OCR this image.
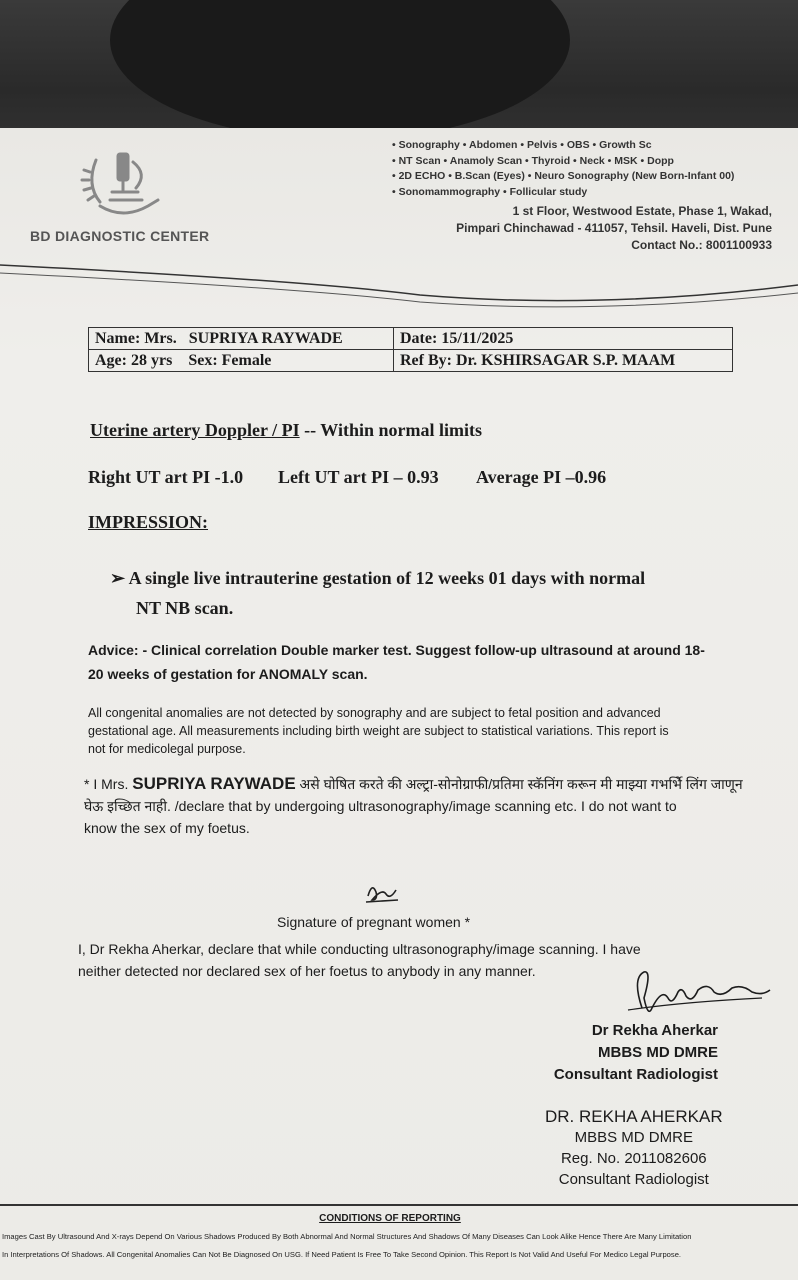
BD DIAGNOSTIC CENTER
• Sonography • Abdomen • Pelvis • OBS • Growth Sc
• NT Scan • Anamoly Scan • Thyroid • Neck • MSK • Dopp
• 2D ECHO • B.Scan (Eyes) • Neuro Sonography (New Born-Infant 00)
• Sonomammography • Follicular study
1 st Floor, Westwood Estate, Phase 1, Wakad,
Pimpari Chinchawad - 411057, Tehsil. Haveli, Dist. Pune
Contact No.: 8001100933
Name: Mrs. SUPRIYA RAYWADE	Date: 15/11/2025
Age: 28 yrs Sex: Female	Ref By: Dr. KSHIRSAGAR S.P. MAAM
Uterine artery Doppler / PI -- Within normal limits
Right UT art PI -1.0 Left UT art PI – 0.93 Average PI –0.96
IMPRESSION:
➢ A single live intrauterine gestation of 12 weeks 01 days with normal
NT NB scan.
Advice: - Clinical correlation Double marker test. Suggest follow-up ultrasound at around 18-
20 weeks of gestation for ANOMALY scan.
All congenital anomalies are not detected by sonography and are subject to fetal position and advanced
gestational age. All measurements including birth weight are subject to statistical variations. This report is
not for medicolegal purpose.
* I Mrs. SUPRIYA RAYWADE असे घोषित करते की अल्ट्रा-सोनोग्राफी/प्रतिमा स्कॅनिंग करून मी माझ्या गभर्भिे लिंग जाणून
घेऊ इच्छित नाही. /declare that by undergoing ultrasonography/image scanning etc. I do not want to
know the sex of my foetus.
Signature of pregnant women *
I, Dr Rekha Aherkar, declare that while conducting ultrasonography/image scanning. I have
neither detected nor declared sex of her foetus to anybody in any manner.
Dr Rekha Aherkar
MBBS MD DMRE
Consultant Radiologist
DR. REKHA AHERKAR
MBBS MD DMRE
Reg. No. 2011082606
Consultant Radiologist
CONDITIONS OF REPORTING
Images Cast By Ultrasound And X-rays Depend On Various Shadows Produced By Both Abnormal And Normal Structures And Shadows Of Many Diseases Can Look Alike Hence There Are Many Limitation
In Interpretations Of Shadows. All Congenital Anomalies Can Not Be Diagnosed On USG. If Need Patient Is Free To Take Second Opinion. This Report Is Not Valid And Useful For Medico Legal Purpose.
